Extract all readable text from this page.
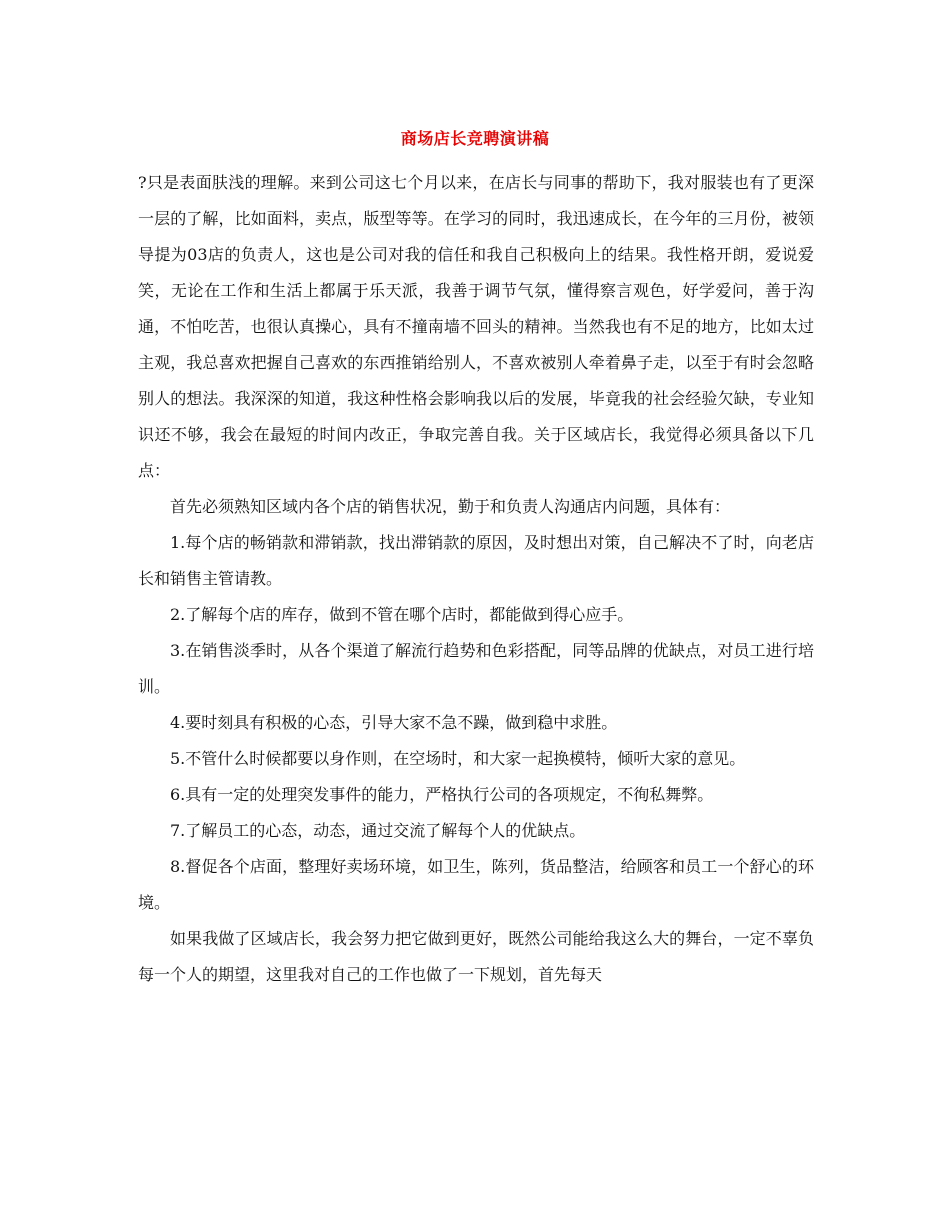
商场店长竞聘演讲稿

?只是表面肤浅的理解。来到公司这七个月以来，在店长与同事的帮助下，我对服装也有了更深一层的了解，比如面料，卖点，版型等等。在学习的同时，我迅速成长，在今年的三月份，被领导提为03店的负责人，这也是公司对我的信任和我自己积极向上的结果。我性格开朗，爱说爱笑，无论在工作和生活上都属于乐天派，我善于调节气氛，懂得察言观色，好学爱问，善于沟通，不怕吃苦，也很认真操心，具有不撞南墙不回头的精神。当然我也有不足的地方，比如太过主观，我总喜欢把握自己喜欢的东西推销给别人，不喜欢被别人牵着鼻子走，以至于有时会忽略别人的想法。我深深的知道，我这种性格会影响我以后的发展，毕竟我的社会经验欠缺，专业知识还不够，我会在最短的时间内改正，争取完善自我。关于区域店长，我觉得必须具备以下几点：

首先必须熟知区域内各个店的销售状况，勤于和负责人沟通店内问题，具体有：

1.每个店的畅销款和滞销款，找出滞销款的原因，及时想出对策，自己解决不了时，向老店长和销售主管请教。

2.了解每个店的库存，做到不管在哪个店时，都能做到得心应手。

3.在销售淡季时，从各个渠道了解流行趋势和色彩搭配，同等品牌的优缺点，对员工进行培训。

4.要时刻具有积极的心态，引导大家不急不躁，做到稳中求胜。

5.不管什么时候都要以身作则，在空场时，和大家一起换模特，倾听大家的意见。

6.具有一定的处理突发事件的能力，严格执行公司的各项规定，不徇私舞弊。

7.了解员工的心态，动态，通过交流了解每个人的优缺点。

8.督促各个店面，整理好卖场环境，如卫生，陈列，货品整洁，给顾客和员工一个舒心的环境。

如果我做了区域店长，我会努力把它做到更好，既然公司能给我这么大的舞台，一定不辜负每一个人的期望，这里我对自己的工作也做了一下规划，首先每天
